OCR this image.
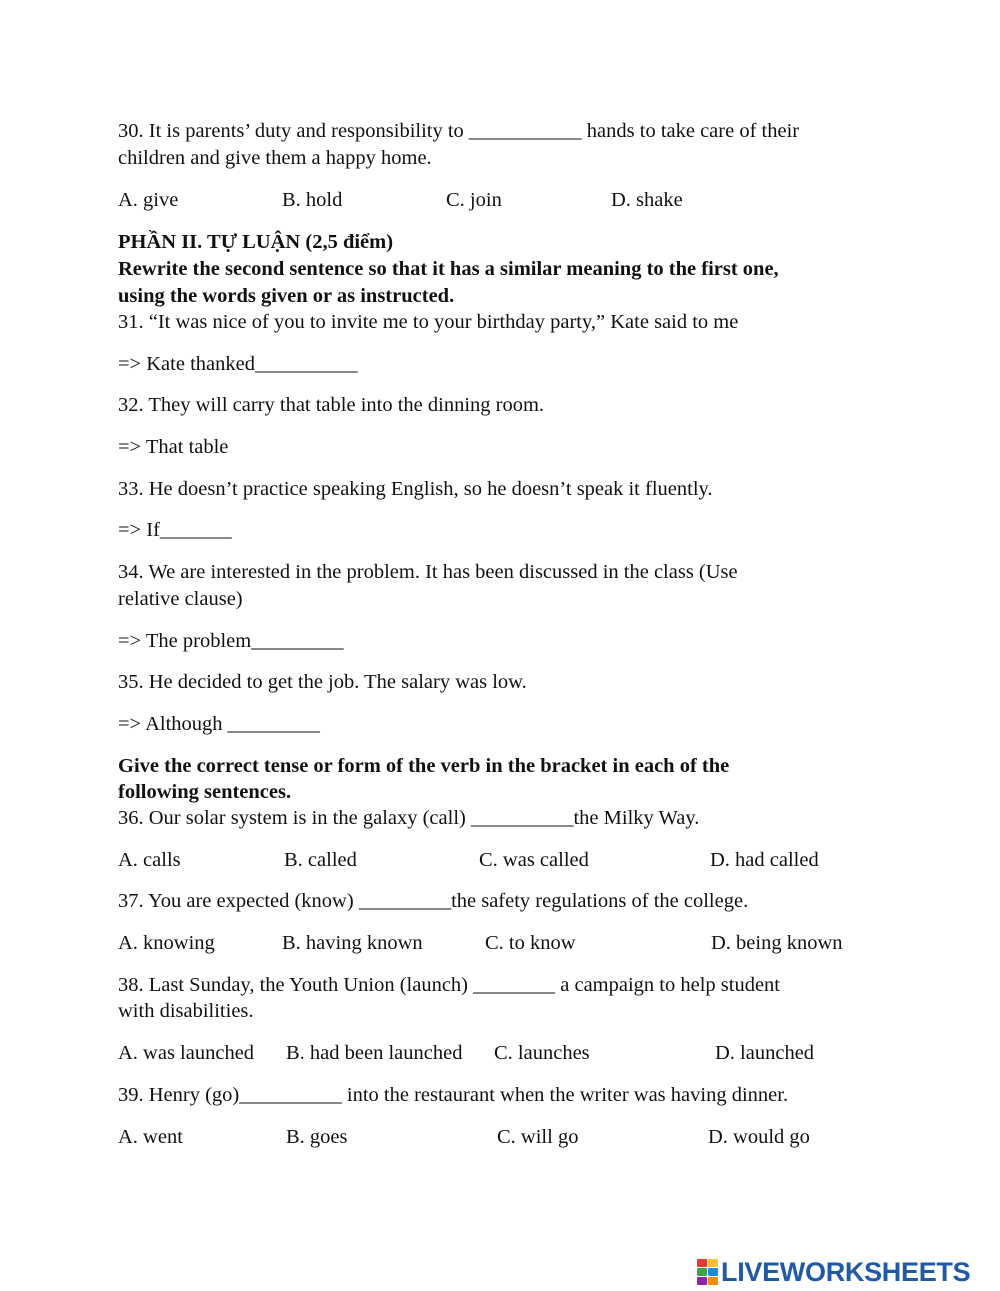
30. It is parents’ duty and responsibility to ___________ hands to take care of their

children and give them a happy home.

A. give	B. hold	C. join	D. shake

PHẦN II. TỰ LUẬN (2,5 điểm)

Rewrite the second sentence so that it has a similar meaning to the first one,

using the words given or as instructed.

31. “It was nice of you to invite me to your birthday party,” Kate said to me

=> Kate thanked__________

32. They will carry that table into the dinning room.

=> That table

33. He doesn’t practice speaking English, so he doesn’t speak it fluently.

=> If_______

34. We are interested in the problem. It has been discussed in the class (Use

relative clause)

=> The problem_________

35. He decided to get the job. The salary was low.

=> Although _________

Give the correct tense or form of the verb in the bracket in each of the

following sentences.

36. Our solar system is in the galaxy (call) __________the Milky Way.

A. calls	B. called	C. was called	D. had called

37. You are expected (know) _________the safety regulations of the college.

A. knowing	B. having known	C. to know	D. being known

38. Last Sunday, the Youth Union (launch) ________ a campaign to help student

with disabilities.

A. was launched B. had been launched C. launches	D. launched

39. Henry (go)__________ into the restaurant when the writer was having dinner.

A. went	B. goes	C. will go	D. would go
LIVEWORKSHEETS
